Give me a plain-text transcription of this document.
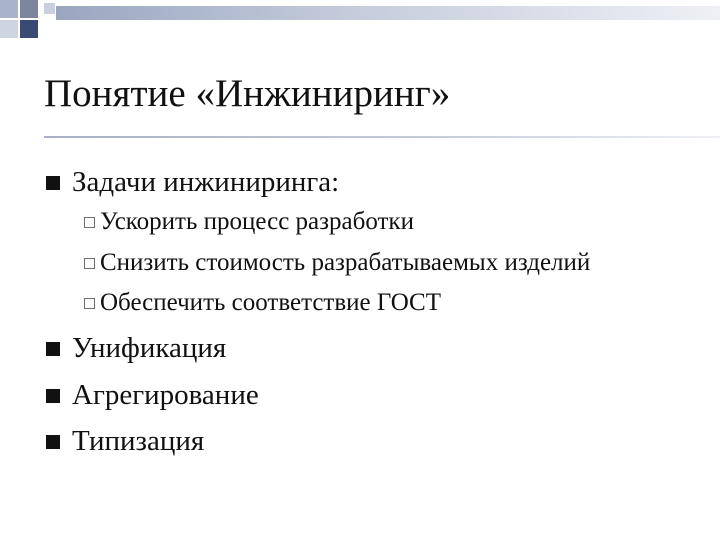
Понятие «Инжиниринг»
Задачи инжиниринга:
Ускорить процесс разработки
Снизить стоимость разрабатываемых изделий
Обеспечить соответствие ГОСТ
Унификация
Агрегирование
Типизация
